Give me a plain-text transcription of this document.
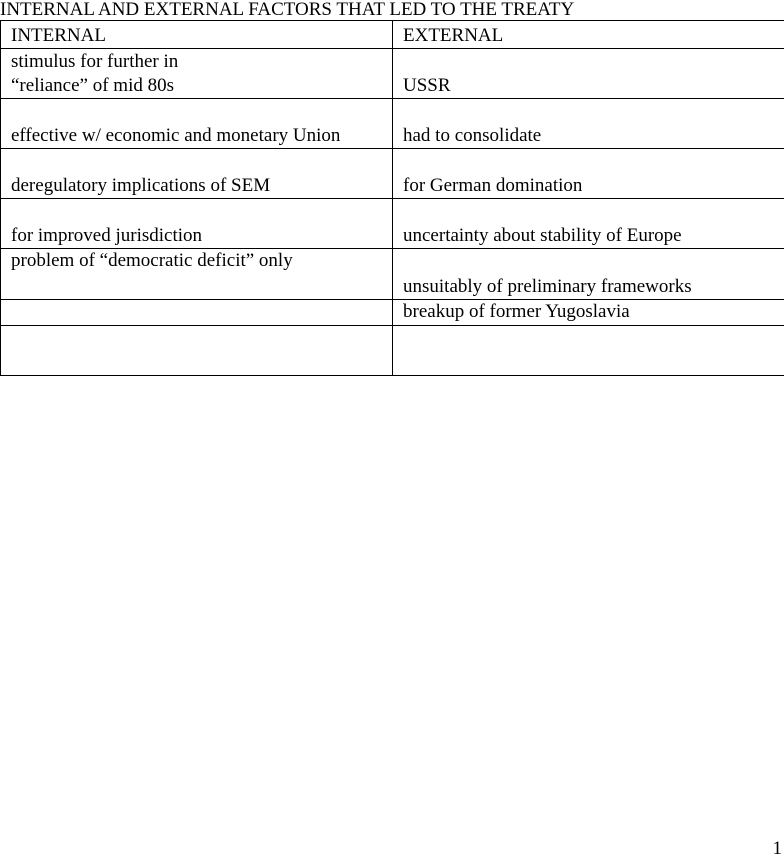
INTERNAL AND EXTERNAL FACTORS THAT LED TO THE TREATY
INTERNAL	EXTERNAL

stimulus for further in
“reliance” of mid 80s	USSR

effective w/ economic and monetary Union	had to consolidate

deregulatory implications of SEM	for German domination

for improved jurisdiction	uncertainty about stability of Europe

problem of “democratic deficit” only	unsuitably of preliminary frameworks

	breakup of former Yugoslavia

1
